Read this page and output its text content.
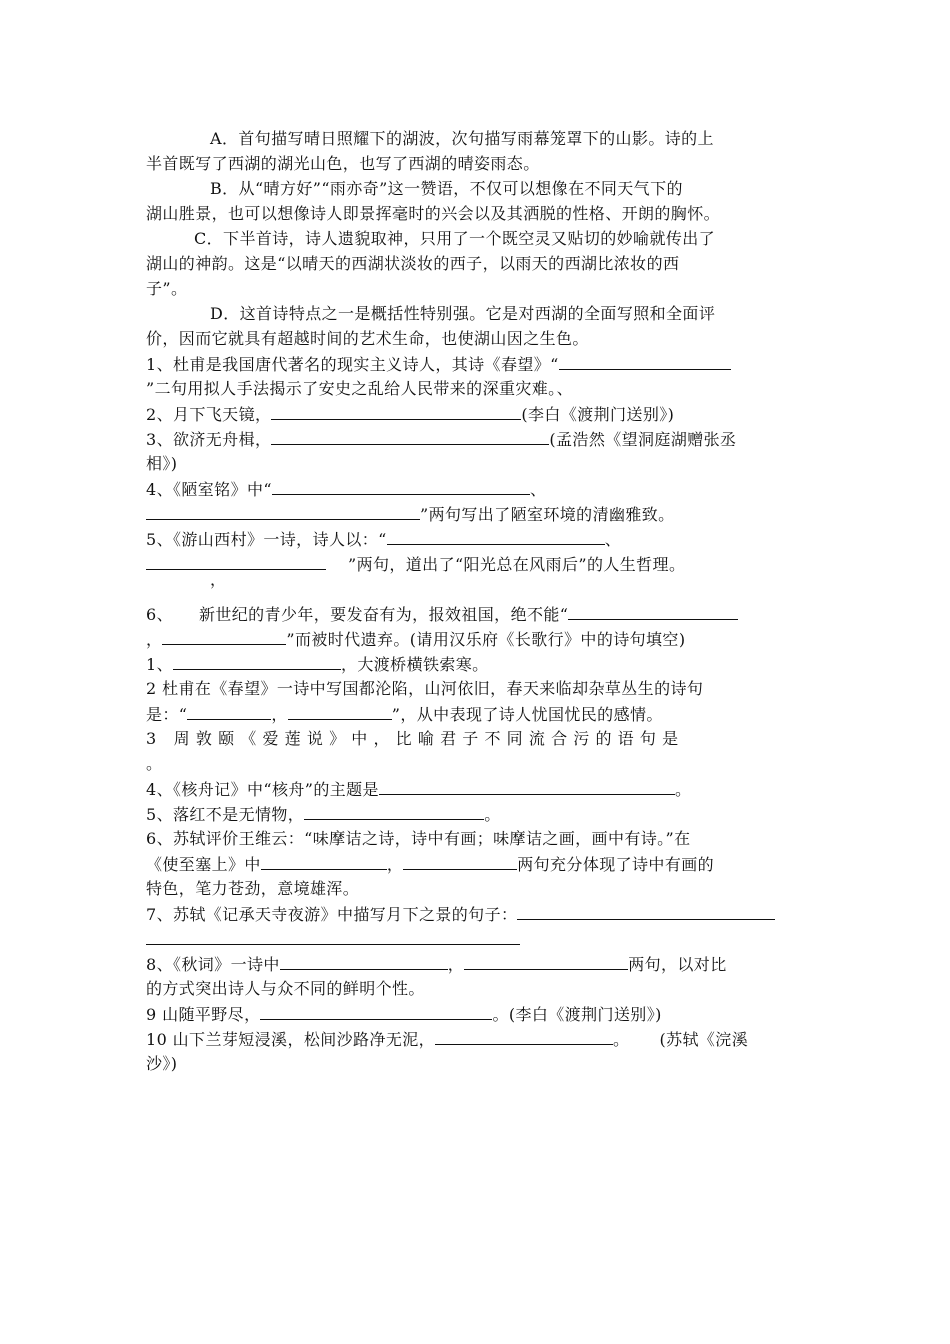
A．首句描写晴日照耀下的湖波，次句描写雨幕笼罩下的山影。诗的上
半首既写了西湖的湖光山色，也写了西湖的晴姿雨态。
B．从“晴方好”“雨亦奇”这一赞语，不仅可以想像在不同天气下的
湖山胜景，也可以想像诗人即景挥毫时的兴会以及其洒脱的性格、开朗的胸怀。
C．下半首诗，诗人遗貌取神，只用了一个既空灵又贴切的妙喻就传出了
湖山的神韵。这是“以晴天的西湖状淡妆的西子，以雨天的西湖比浓妆的西
子”。
D．这首诗特点之一是概括性特别强。它是对西湖的全面写照和全面评
价，因而它就具有超越时间的艺术生命，也使湖山因之生色。
1、杜甫是我国唐代著名的现实主义诗人，其诗《春望》“
”二句用拟人手法揭示了安史之乱给人民带来的深重灾难。、
2、月下飞天镜，	(李白《渡荆门送别》)
3、欲济无舟楫，	(孟浩然《望洞庭湖赠张丞
相》)
4、《陋室铭》中“	、
”两句写出了陋室环境的清幽雅致。
5、《游山西村》一诗，诗人以：“	、
”两句，道出了“阳光总在风雨后”的人生哲理。
，
6、 新世纪的青少年，要发奋有为，报效祖国，绝不能“
，	”而被时代遗弃。(请用汉乐府《长歌行》中的诗句填空)
1、	，大渡桥横铁索寒。
2 杜甫在《春望》一诗中写国都沦陷，山河依旧，春天来临却杂草丛生的诗句
是：“	，	”，从中表现了诗人忧国忧民的感情。
3 周敦颐《爱莲说》中，比喻君子不同流合污的语句是
。
4、《核舟记》中“核舟”的主题是	。
5、落红不是无情物，	。
6、苏轼评价王维云：“味摩诘之诗，诗中有画；味摩诘之画，画中有诗。”在
《使至塞上》中	，	两句充分体现了诗中有画的
特色，笔力苍劲，意境雄浑。
7、苏轼《记承天寺夜游》中描写月下之景的句子：
8、《秋词》一诗中	，	两句，以对比
的方式突出诗人与众不同的鲜明个性。
9 山随平野尽，	。(李白《渡荆门送别》)
10 山下兰芽短浸溪，松间沙路净无泥，	。 (苏轼《浣溪
沙》)
